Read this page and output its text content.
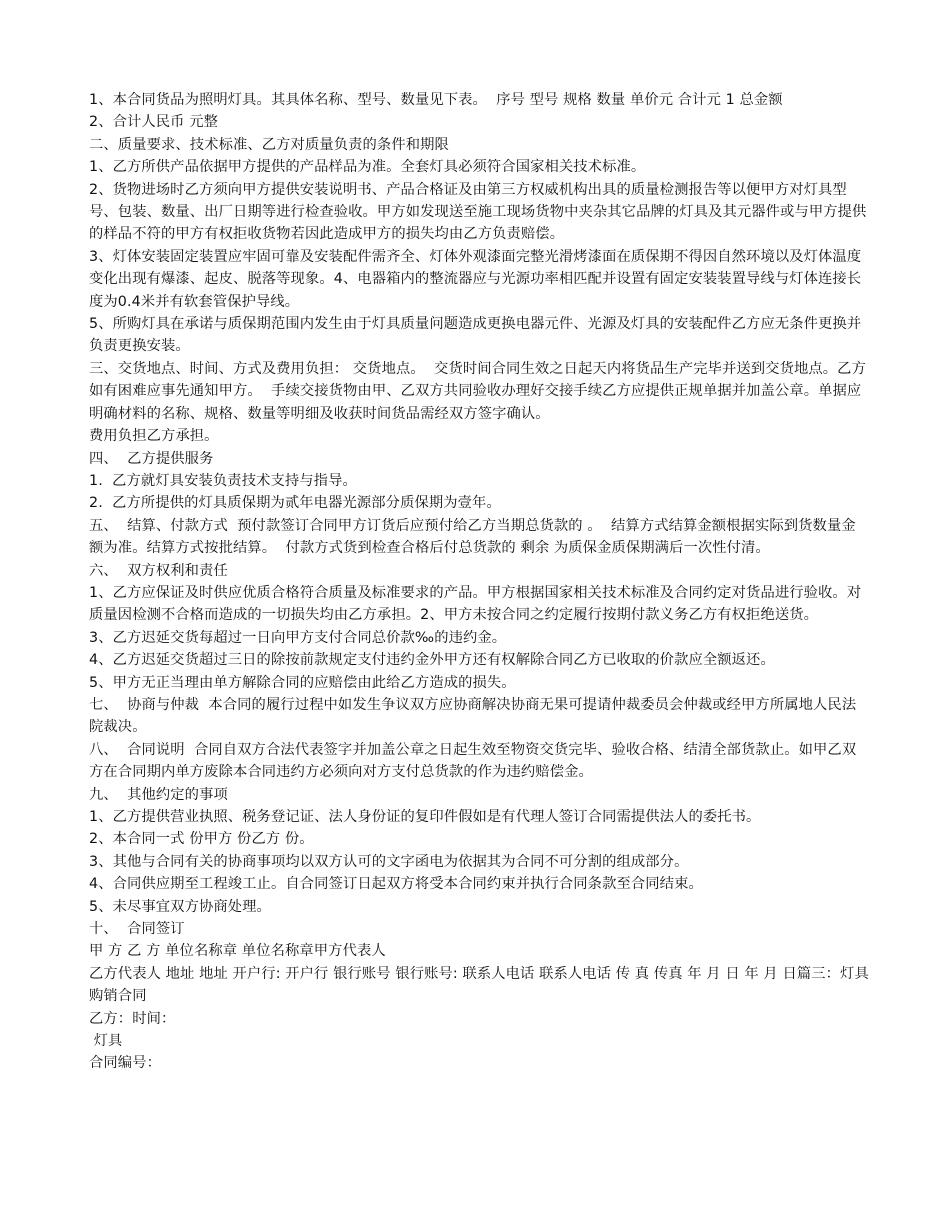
1、本合同货品为照明灯具。其具体名称、型号、数量见下表。  序号 型号 规格 数量 单价元 合计元 1 总金额

2、合计人民币 元整

二、质量要求、技术标准、乙方对质量负责的条件和期限

1、乙方所供产品依据甲方提供的产品样品为准。全套灯具必须符合国家相关技术标准。

2、货物进场时乙方须向甲方提供安装说明书、产品合格证及由第三方权威机构出具的质量检测报告等以便甲方对灯具型号、包装、数量、出厂日期等进行检查验收。甲方如发现送至施工现场货物中夹杂其它品牌的灯具及其元器件或与甲方提供的样品不符的甲方有权拒收货物若因此造成甲方的损失均由乙方负责赔偿。

3、灯体安装固定装置应牢固可靠及安装配件需齐全、灯体外观漆面完整光滑烤漆面在质保期不得因自然环境以及灯体温度变化出现有爆漆、起皮、脱落等现象。4、电器箱内的整流器应与光源功率相匹配并设置有固定安装装置导线与灯体连接长度为0.4米并有软套管保护导线。

5、所购灯具在承诺与质保期范围内发生由于灯具质量问题造成更换电器元件、光源及灯具的安装配件乙方应无条件更换并负责更换安装。

三、交货地点、时间、方式及费用负担： 交货地点。  交货时间合同生效之日起天内将货品生产完毕并送到交货地点。乙方如有困难应事先通知甲方。  手续交接货物由甲、乙双方共同验收办理好交接手续乙方应提供正规单据并加盖公章。单据应明确材料的名称、规格、数量等明细及收获时间货品需经双方签字确认。

费用负担乙方承担。

四、  乙方提供服务

1.  乙方就灯具安装负责技术支持与指导。

2.  乙方所提供的灯具质保期为贰年电器光源部分质保期为壹年。

五、  结算、付款方式  预付款签订合同甲方订货后应预付给乙方当期总货款的 。  结算方式结算金额根据实际到货数量金额为准。结算方式按批结算。  付款方式货到检查合格后付总货款的 剩余 为质保金质保期满后一次性付清。

六、  双方权利和责任

1、乙方应保证及时供应优质合格符合质量及标准要求的产品。甲方根据国家相关技术标准及合同约定对货品进行验收。对质量因检测不合格而造成的一切损失均由乙方承担。2、甲方未按合同之约定履行按期付款义务乙方有权拒绝送货。

3、乙方迟延交货每超过一日向甲方支付合同总价款‰的违约金。

4、乙方迟延交货超过三日的除按前款规定支付违约金外甲方还有权解除合同乙方已收取的价款应全额返还。

5、甲方无正当理由单方解除合同的应赔偿由此给乙方造成的损失。

七、  协商与仲裁  本合同的履行过程中如发生争议双方应协商解决协商无果可提请仲裁委员会仲裁或经甲方所属地人民法院裁决。

八、  合同说明  合同自双方合法代表签字并加盖公章之日起生效至物资交货完毕、验收合格、结清全部货款止。如甲乙双方在合同期内单方废除本合同违约方必须向对方支付总货款的作为违约赔偿金。

九、  其他约定的事项

1、乙方提供营业执照、税务登记证、法人身份证的复印件假如是有代理人签订合同需提供法人的委托书。

2、本合同一式 份甲方 份乙方 份。

3、其他与合同有关的协商事项均以双方认可的文字函电为依据其为合同不可分割的组成部分。

4、合同供应期至工程竣工止。自合同签订日起双方将受本合同约束并执行合同条款至合同结束。

5、未尽事宜双方协商处理。

十、  合同签订

甲 方 乙 方 单位名称章 单位名称章甲方代表人

乙方代表人 地址 地址 开户行: 开户行 银行账号 银行账号: 联系人电话 联系人电话 传 真 传真 年 月 日 年 月 日篇三：灯具购销合同

乙方：时间：

灯具

合同编号：
